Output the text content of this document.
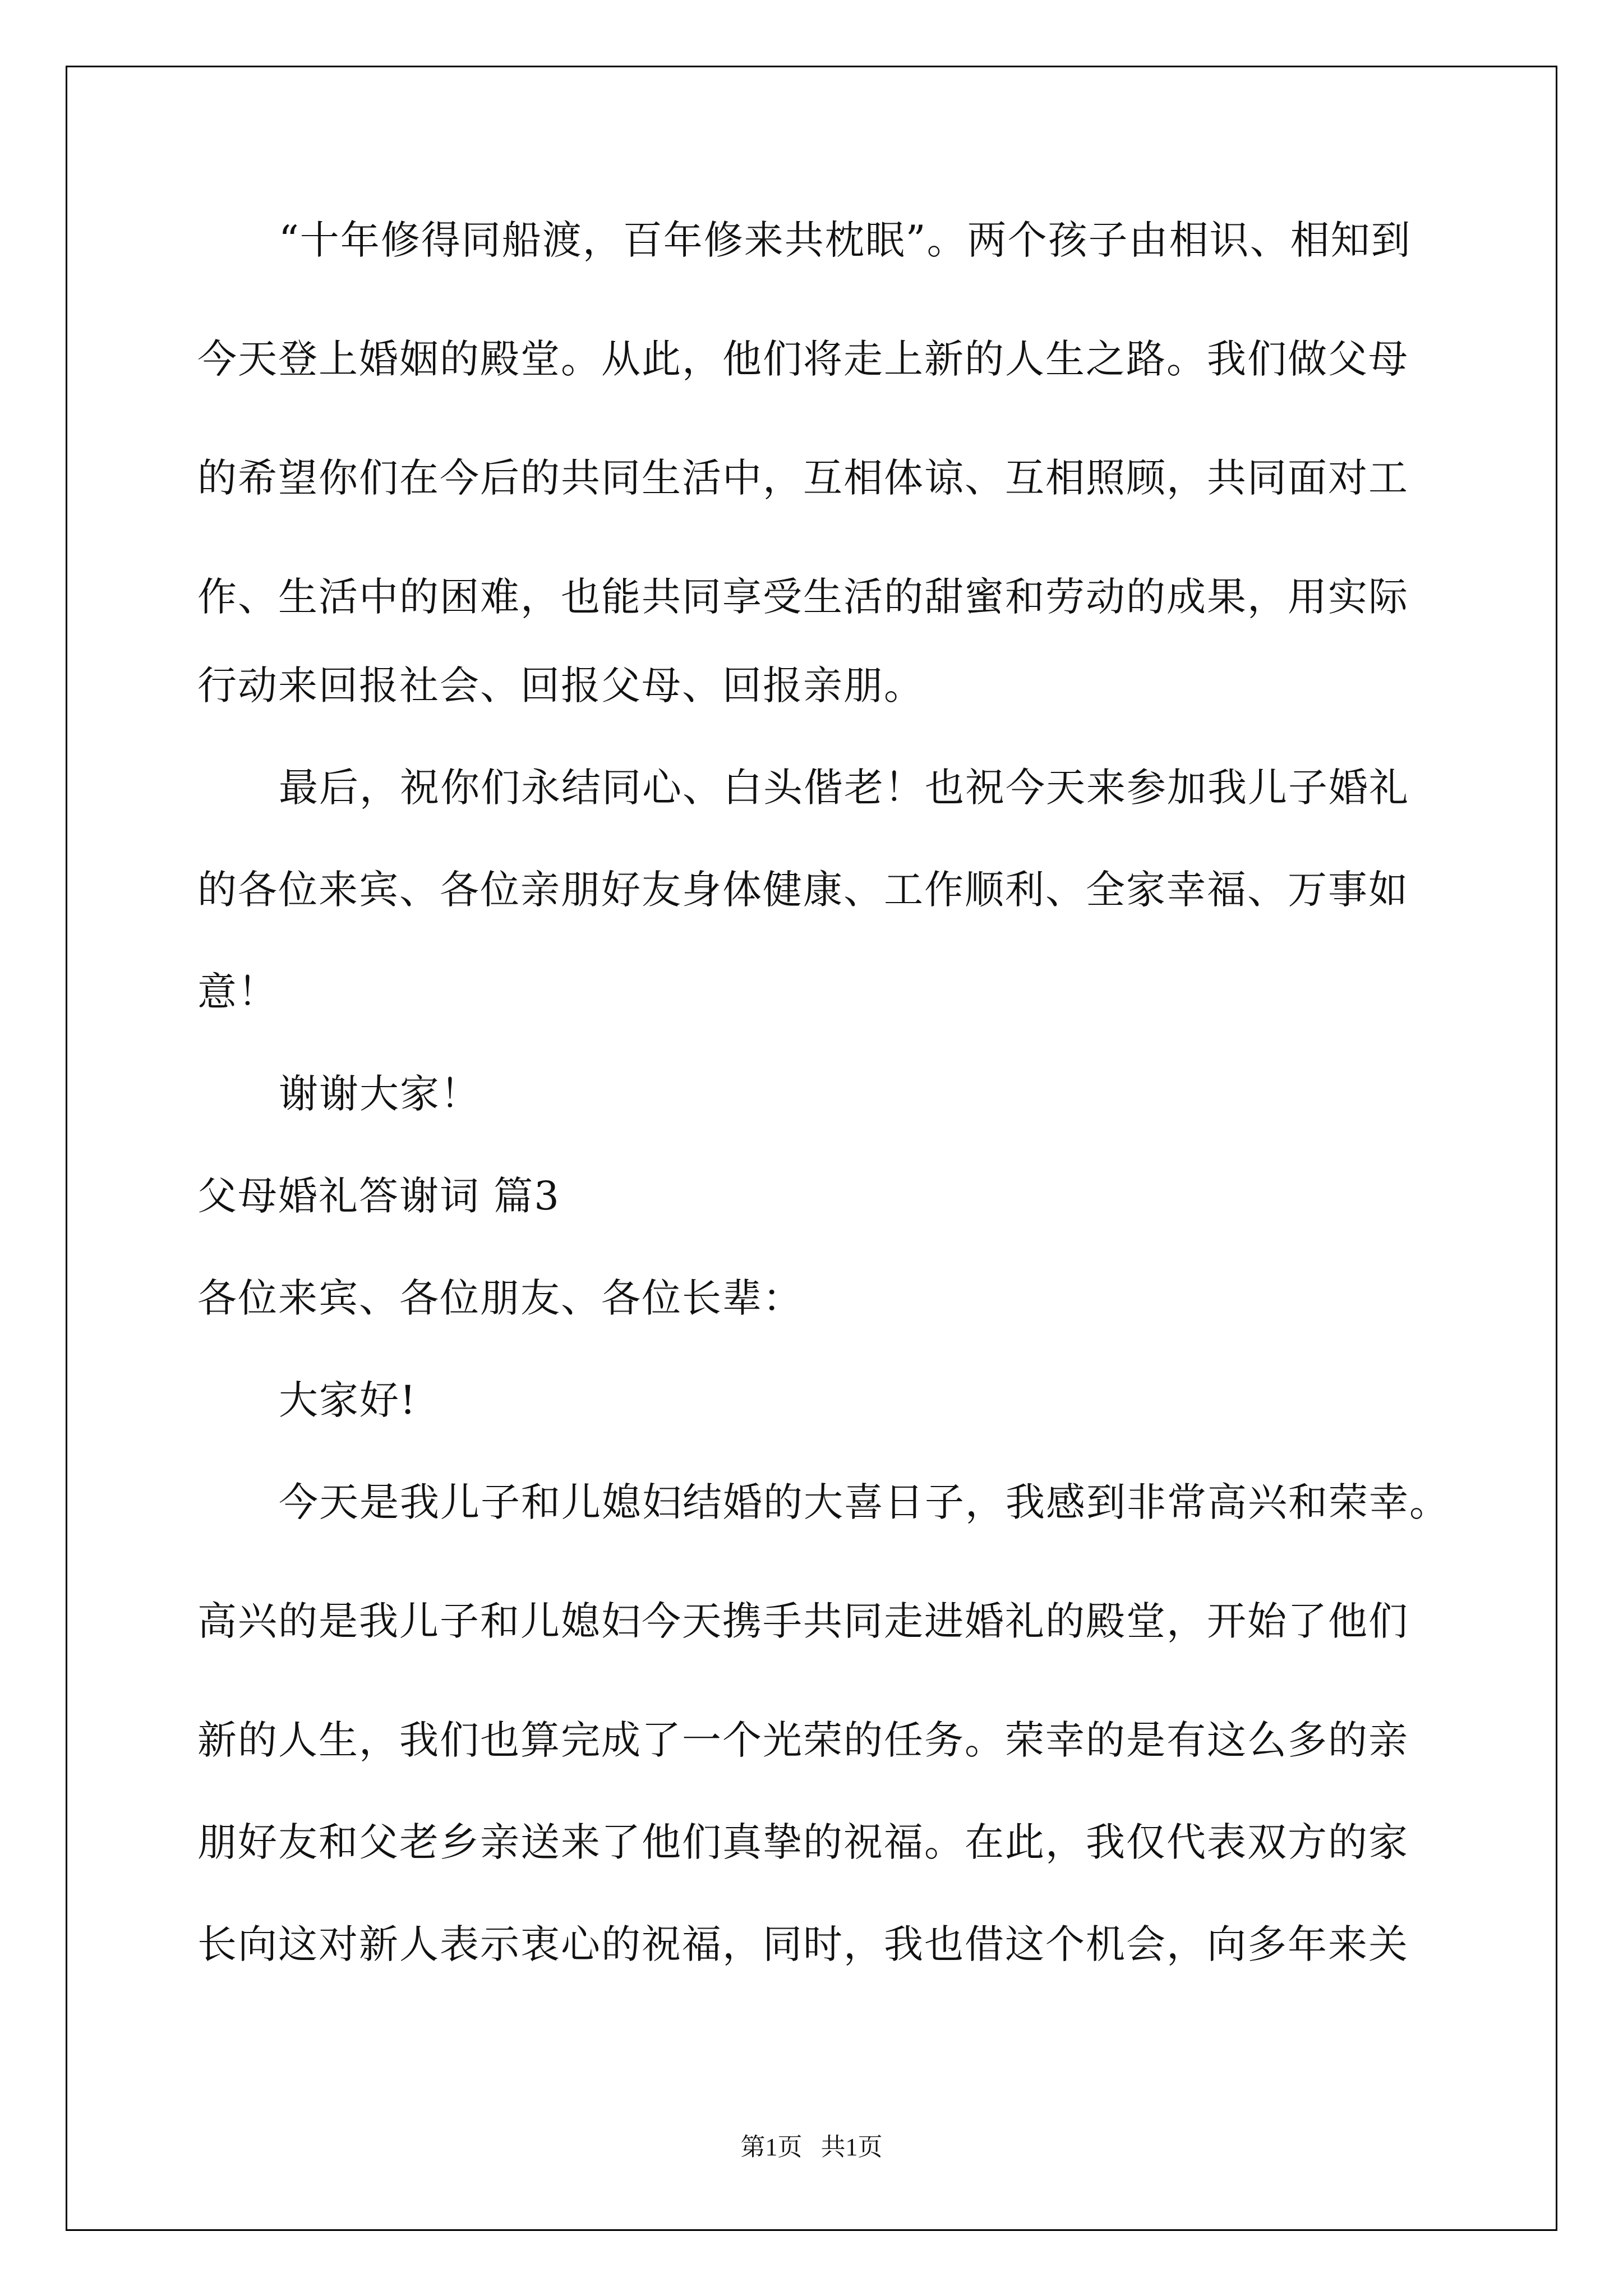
“十年修得同船渡，百年修来共枕眠”。两个孩子由相识、相知到
今天登上婚姻的殿堂。从此，他们将走上新的人生之路。我们做父母
的希望你们在今后的共同生活中，互相体谅、互相照顾，共同面对工
作、生活中的困难，也能共同享受生活的甜蜜和劳动的成果，用实际
行动来回报社会、回报父母、回报亲朋。
最后，祝你们永结同心、白头偕老！也祝今天来参加我儿子婚礼
的各位来宾、各位亲朋好友身体健康、工作顺利、全家幸福、万事如
意！
谢谢大家！
父母婚礼答谢词 篇3
各位来宾、各位朋友、各位长辈：
大家好!
今天是我儿子和儿媳妇结婚的大喜日子，我感到非常高兴和荣幸。
高兴的是我儿子和儿媳妇今天携手共同走进婚礼的殿堂，开始了他们
新的人生，我们也算完成了一个光荣的任务。荣幸的是有这么多的亲
朋好友和父老乡亲送来了他们真挚的祝福。在此，我仅代表双方的家
长向这对新人表示衷心的祝福，同时，我也借这个机会，向多年来关
第1页   共1页
